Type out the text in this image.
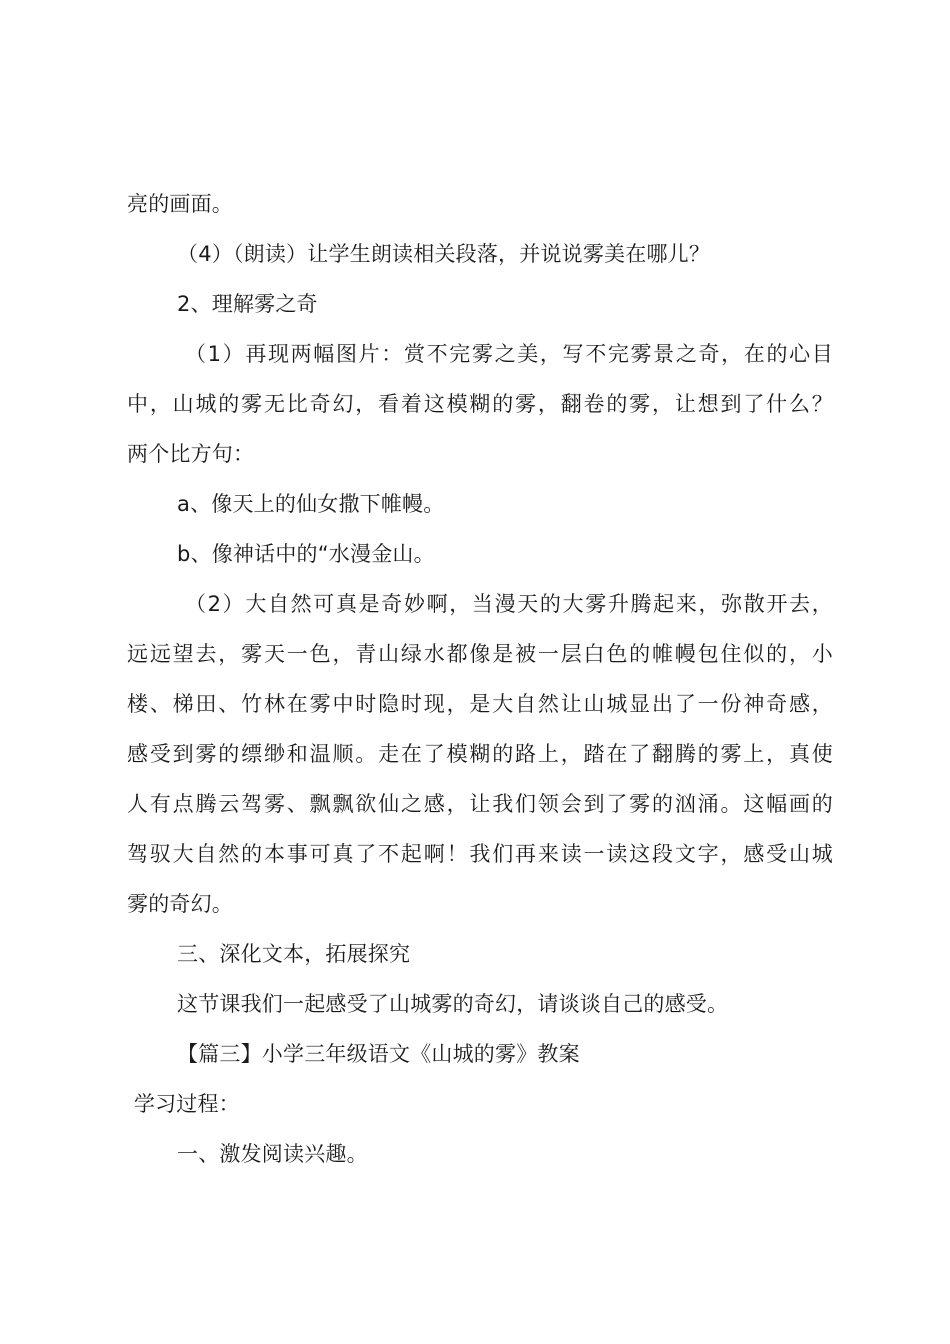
亮的画面。
（4）（朗读）让学生朗读相关段落，并说说雾美在哪儿？
2、理解雾之奇
（1）再现两幅图片：赏不完雾之美，写不完雾景之奇，在的心目
中，山城的雾无比奇幻，看着这模糊的雾，翻卷的雾，让想到了什么？
两个比方句：
a、像天上的仙女撒下帷幔。
b、像神话中的“水漫金山。
（2）大自然可真是奇妙啊，当漫天的大雾升腾起来，弥散开去，
远远望去，雾天一色，青山绿水都像是被一层白色的帷幔包住似的，小
楼、梯田、竹林在雾中时隐时现，是大自然让山城显出了一份神奇感，
感受到雾的缥缈和温顺。走在了模糊的路上，踏在了翻腾的雾上，真使
人有点腾云驾雾、飘飘欲仙之感，让我们领会到了雾的汹涌。这幅画的
驾驭大自然的本事可真了不起啊！我们再来读一读这段文字，感受山城
雾的奇幻。
三、深化文本，拓展探究
这节课我们一起感受了山城雾的奇幻，请谈谈自己的感受。
【篇三】小学三年级语文《山城的雾》教案
学习过程：
一、激发阅读兴趣。
